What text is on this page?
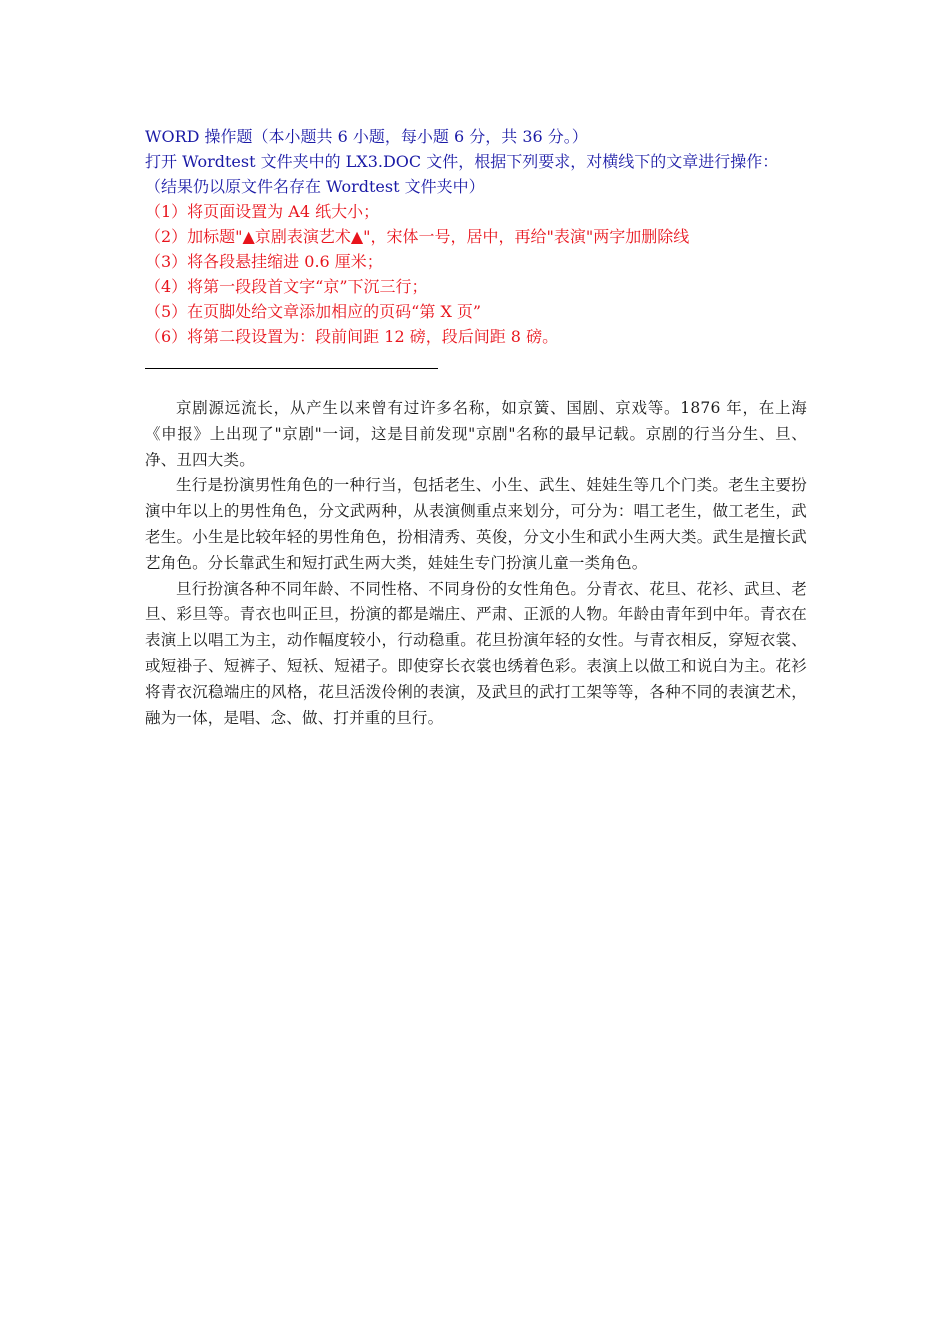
WORD 操作题（本小题共 6 小题，每小题 6 分，共 36 分。）
打开 Wordtest 文件夹中的 LX3.DOC 文件，根据下列要求，对横线下的文章进行操作：
（结果仍以原文件名存在 Wordtest 文件夹中）
（1）将页面设置为 A4 纸大小；
（2）加标题"▲京剧表演艺术▲"，宋体一号，居中，再给"表演"两字加删除线
（3）将各段悬挂缩进 0.6 厘米；
（4）将第一段段首文字“京”下沉三行；
（5）在页脚处给文章添加相应的页码“第 X 页”
（6）将第二段设置为：段前间距 12 磅，段后间距 8 磅。

京剧源远流长，从产生以来曾有过许多名称，如京簧、国剧、京戏等。1876 年，在上海《申报》上出现了"京剧"一词，这是目前发现"京剧"名称的最早记载。京剧的行当分生、旦、净、丑四大类。

生行是扮演男性角色的一种行当，包括老生、小生、武生、娃娃生等几个门类。老生主要扮演中年以上的男性角色，分文武两种，从表演侧重点来划分，可分为：唱工老生，做工老生，武老生。小生是比较年轻的男性角色，扮相清秀、英俊，分文小生和武小生两大类。武生是擅长武艺角色。分长靠武生和短打武生两大类，娃娃生专门扮演儿童一类角色。

旦行扮演各种不同年龄、不同性格、不同身份的女性角色。分青衣、花旦、花衫、武旦、老旦、彩旦等。青衣也叫正旦，扮演的都是端庄、严肃、正派的人物。年龄由青年到中年。青衣在表演上以唱工为主，动作幅度较小，行动稳重。花旦扮演年轻的女性。与青衣相反，穿短衣裳、或短褂子、短裤子、短袄、短裙子。即使穿长衣裳也绣着色彩。表演上以做工和说白为主。花衫将青衣沉稳端庄的风格，花旦活泼伶俐的表演，及武旦的武打工架等等，各种不同的表演艺术，融为一体，是唱、念、做、打并重的旦行。
